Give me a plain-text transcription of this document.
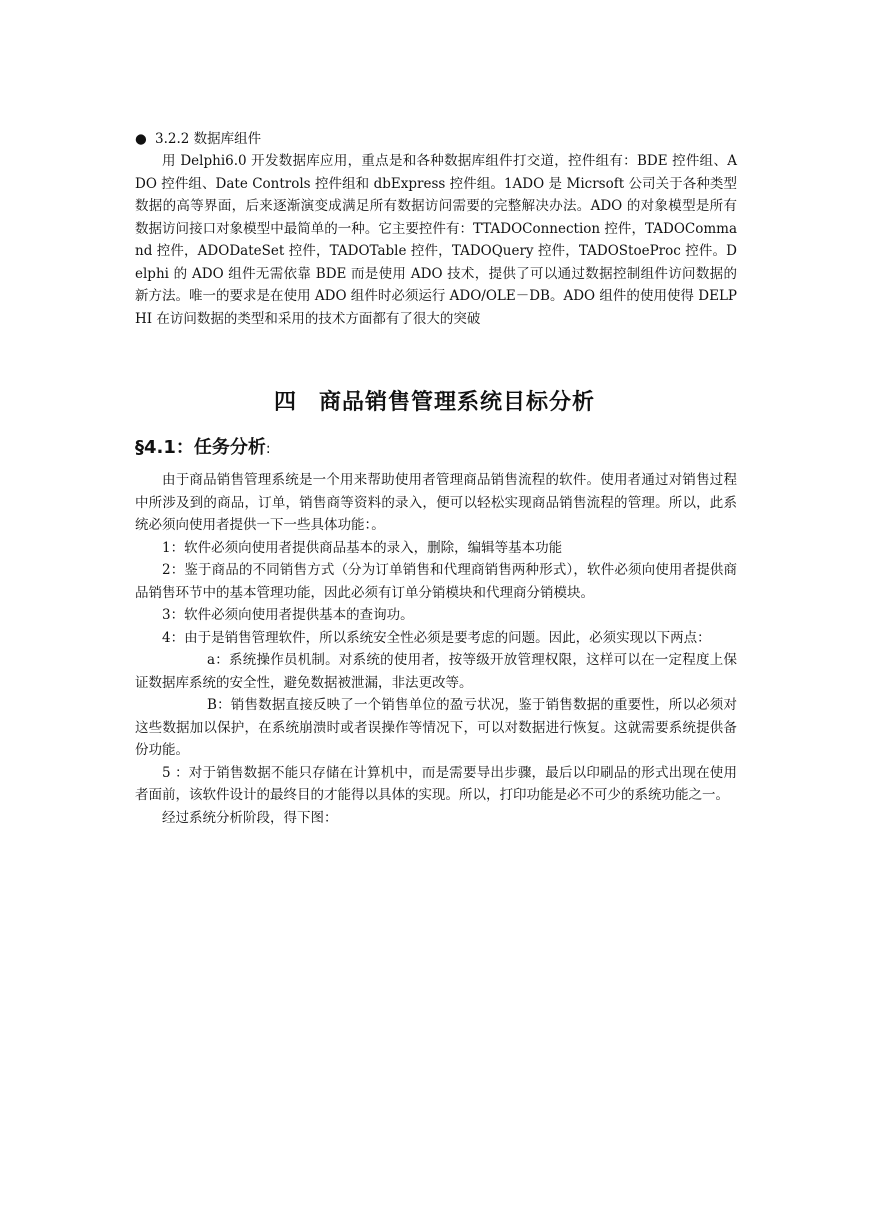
● 3.2.2 数据库组件

用 Delphi6.0 开发数据库应用，重点是和各种数据库组件打交道，控件组有：BDE 控件组、ADO 控件组、Date Controls 控件组和 dbExpress 控件组。1ADO 是 Micrsoft 公司关于各种类型数据的高等界面，后来逐渐演变成满足所有数据访问需要的完整解决办法。ADO 的对象模型是所有数据访问接口对象模型中最简单的一种。它主要控件有：TTADOConnection 控件，TADOCommand 控件，ADODateSet 控件，TADOTable 控件，TADOQuery 控件，TADOStoeProc 控件。Delphi 的 ADO 组件无需依靠 BDE 而是使用 ADO 技术，提供了可以通过数据控制组件访问数据的新方法。唯一的要求是在使用 ADO 组件时必须运行 ADO/OLE－DB。ADO 组件的使用使得 DELPHI 在访问数据的类型和采用的技术方面都有了很大的突破

四 商品销售管理系统目标分析
§4.1：任务分析:

由于商品销售管理系统是一个用来帮助使用者管理商品销售流程的软件。使用者通过对销售过程中所涉及到的商品，订单，销售商等资料的录入，便可以轻松实现商品销售流程的管理。所以，此系统必须向使用者提供一下一些具体功能：。

1：软件必须向使用者提供商品基本的录入，删除，编辑等基本功能

2：鉴于商品的不同销售方式（分为订单销售和代理商销售两种形式），软件必须向使用者提供商品销售环节中的基本管理功能，因此必须有订单分销模块和代理商分销模块。

3：软件必须向使用者提供基本的查询功。

4：由于是销售管理软件，所以系统安全性必须是要考虑的问题。因此，必须实现以下两点：

a：系统操作员机制。对系统的使用者，按等级开放管理权限，这样可以在一定程度上保证数据库系统的安全性，避免数据被泄漏，非法更改等。

B：销售数据直接反映了一个销售单位的盈亏状况，鉴于销售数据的重要性，所以必须对这些数据加以保护，在系统崩溃时或者误操作等情况下，可以对数据进行恢复。这就需要系统提供备份功能。

5 ：对于销售数据不能只存储在计算机中，而是需要导出步骤，最后以印刷品的形式出现在使用者面前，该软件设计的最终目的才能得以具体的实现。所以，打印功能是必不可少的系统功能之一。

经过系统分析阶段，得下图：
